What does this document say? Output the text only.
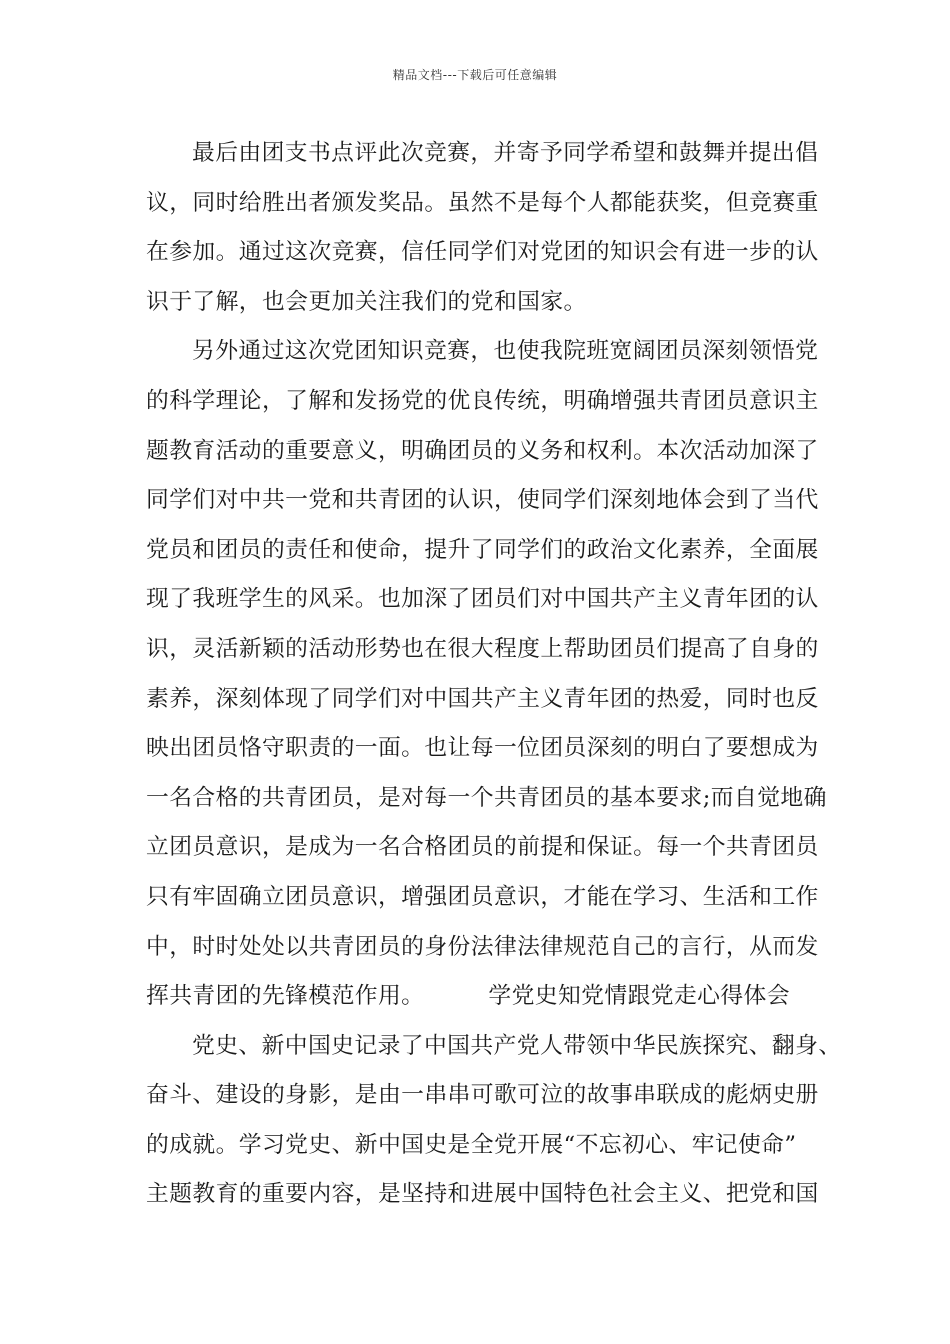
精品文档---下载后可任意编辑
最后由团支书点评此次竞赛，并寄予同学希望和鼓舞并提出倡
议，同时给胜出者颁发奖品。虽然不是每个人都能获奖，但竞赛重
在参加。通过这次竞赛，信任同学们对党团的知识会有进一步的认
识于了解，也会更加关注我们的党和国家。
另外通过这次党团知识竞赛，也使我院班宽阔团员深刻领悟党
的科学理论，了解和发扬党的优良传统，明确增强共青团员意识主
题教育活动的重要意义，明确团员的义务和权利。本次活动加深了
同学们对中共一党和共青团的认识，使同学们深刻地体会到了当代
党员和团员的责任和使命，提升了同学们的政治文化素养，全面展
现了我班学生的风采。也加深了团员们对中国共产主义青年团的认
识，灵活新颖的活动形势也在很大程度上帮助团员们提高了自身的
素养，深刻体现了同学们对中国共产主义青年团的热爱，同时也反
映出团员恪守职责的一面。也让每一位团员深刻的明白了要想成为
一名合格的共青团员，是对每一个共青团员的基本要求;而自觉地确
立团员意识，是成为一名合格团员的前提和保证。每一个共青团员
只有牢固确立团员意识，增强团员意识，才能在学习、生活和工作
中，时时处处以共青团员的身份法律法律规范自己的言行，从而发
挥共青团的先锋模范作用。	学党史知党情跟党走心得体会
党史、新中国史记录了中国共产党人带领中华民族探究、翻身、
奋斗、建设的身影，是由一串串可歌可泣的故事串联成的彪炳史册
的成就。学习党史、新中国史是全党开展“不忘初心、牢记使命”
主题教育的重要内容，是坚持和进展中国特色社会主义、把党和国
